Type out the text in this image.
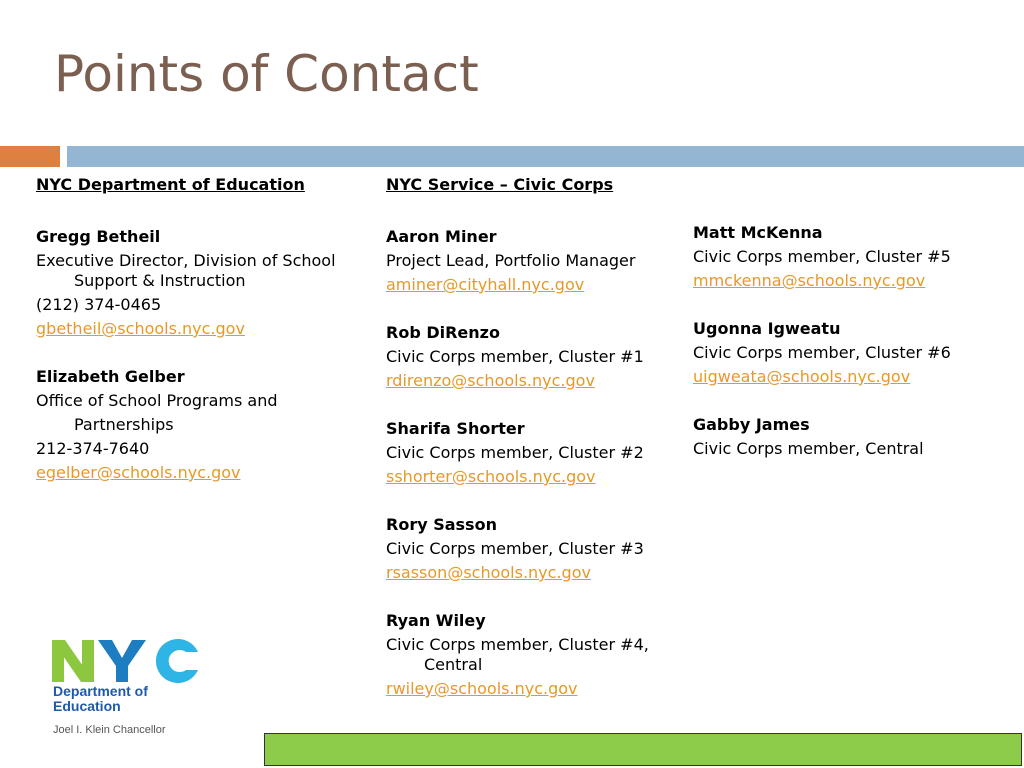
Points of Contact
NYC Department of Education
Gregg Betheil
Executive Director, Division of School Support & Instruction
(212) 374-0465
gbetheil@schools.nyc.gov
Elizabeth Gelber
Office of School Programs and Partnerships
212-374-7640
egelber@schools.nyc.gov
NYC Service – Civic Corps
Aaron Miner
Project Lead, Portfolio Manager
aminer@cityhall.nyc.gov
Rob DiRenzo
Civic Corps member, Cluster #1
rdirenzo@schools.nyc.gov
Sharifa Shorter
Civic Corps member, Cluster #2
sshorter@schools.nyc.gov
Rory Sasson
Civic Corps member, Cluster #3
rsasson@schools.nyc.gov
Ryan Wiley
Civic Corps member, Cluster #4, Central
rwiley@schools.nyc.gov
Matt McKenna
Civic Corps member, Cluster #5
mmckenna@schools.nyc.gov
Ugonna Igweatu
Civic Corps member, Cluster #6
uigweata@schools.nyc.gov
Gabby James
Civic Corps member, Central

Department of Education

Joel I. Klein Chancellor
